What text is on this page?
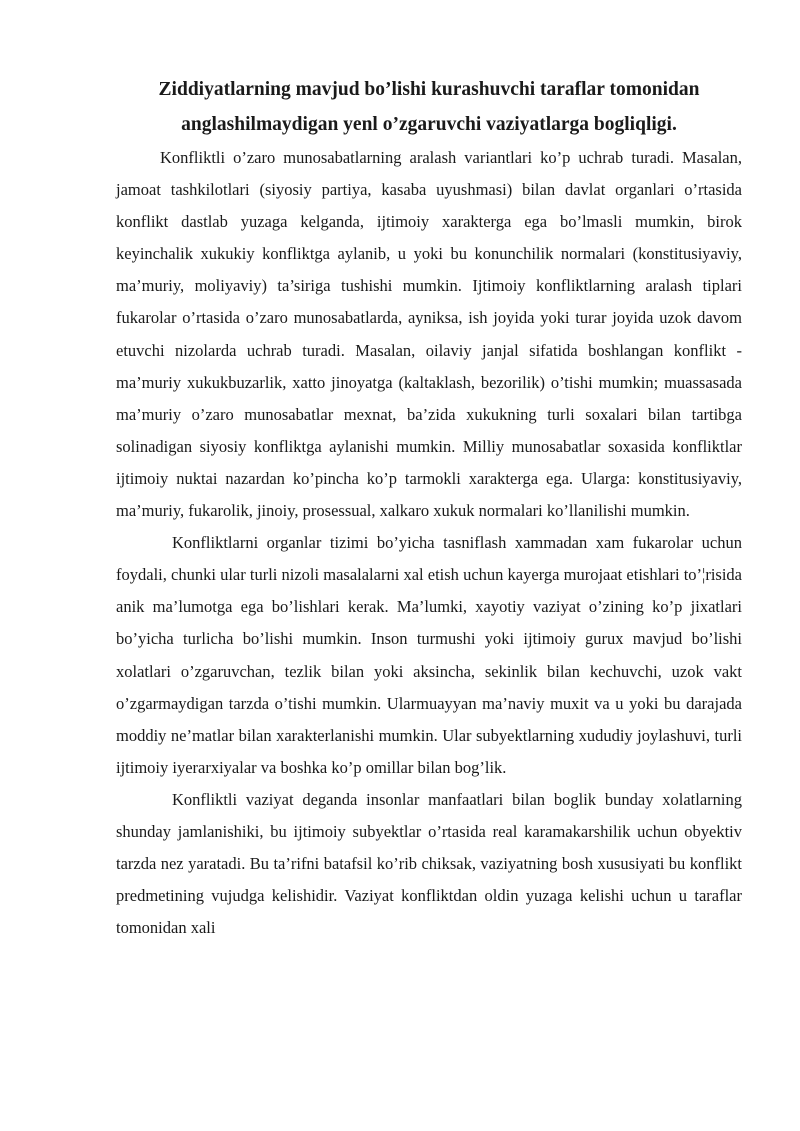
Ziddiyatlarning mavjud bo’lishi kurashuvchi taraflar tomonidan anglashilmaydigan yenl o’zgaruvchi vaziyatlarga bogliqligi.

Konfliktli o’zaro munosabatlarning aralash variantlari ko’p uchrab turadi. Masalan, jamoat tashkilotlari (siyosiy partiya, kasaba uyushmasi) bilan davlat organlari o’rtasida konflikt dastlab yuzaga kelganda, ijtimoiy xarakterga ega bo’lmasli mumkin, birok keyinchalik xukukiy konfliktga aylanib, u yoki bu konunchilik normalari (konstitusiyaviy, ma’muriy, moliyaviy) ta’siriga tushishi mumkin. Ijtimoiy konfliktlarning aralash tiplari fukarolar o’rtasida o’zaro munosabatlarda, ayniksa, ish joyida yoki turar joyida uzok davom etuvchi nizolarda uchrab turadi. Masalan, oilaviy janjal sifatida boshlangan konflikt - ma’muriy xukukbuzarlik, xatto jinoyatga (kaltaklash, bezorilik) o’tishi mumkin; muassasada ma’muriy o’zaro munosabatlar mexnat, ba’zida xukukning turli soxalari bilan tartibga solinadigan siyosiy konfliktga aylanishi mumkin. Milliy munosabatlar soxasida konfliktlar ijtimoiy nuktai nazardan ko’pincha ko’p tarmokli xarakterga ega. Ularga: konstitusiyaviy, ma’muriy, fukarolik, jinoiy, prosessual, xalkaro xukuk normalari ko’llanilishi mumkin.

Konfliktlarni organlar tizimi bo’yicha tasniflash xammadan xam fukarolar uchun foydali, chunki ular turli nizoli masalalarni xal etish uchun kayerga murojaat etishlari to’¦risida anik ma’lumotga ega bo’lishlari kerak. Ma’lumki, xayotiy vaziyat o’zining ko’p jixatlari bo’yicha turlicha bo’lishi mumkin. Inson turmushi yoki ijtimoiy gurux mavjud bo’lishi xolatlari o’zgaruvchan, tezlik bilan yoki aksincha, sekinlik bilan kechuvchi, uzok vakt o’zgarmaydigan tarzda o’tishi mumkin. Ularmuayyan ma’naviy muxit va u yoki bu darajada moddiy ne’matlar bilan xarakterlanishi mumkin. Ular subyektlarning xududiy joylashuvi, turli ijtimoiy iyerarxiyalar va boshka ko’p omillar bilan bog’lik.

Konfliktli vaziyat deganda insonlar manfaatlari bilan boglik bunday xolatlarning shunday jamlanishiki, bu ijtimoiy subyektlar o’rtasida real karamakarshilik uchun obyektiv tarzda nez yaratadi. Bu ta’rifni batafsil ko’rib chiksak, vaziyatning bosh xususiyati bu konflikt predmetining vujudga kelishidir. Vaziyat konfliktdan oldin yuzaga kelishi uchun u taraflar tomonidan xali
